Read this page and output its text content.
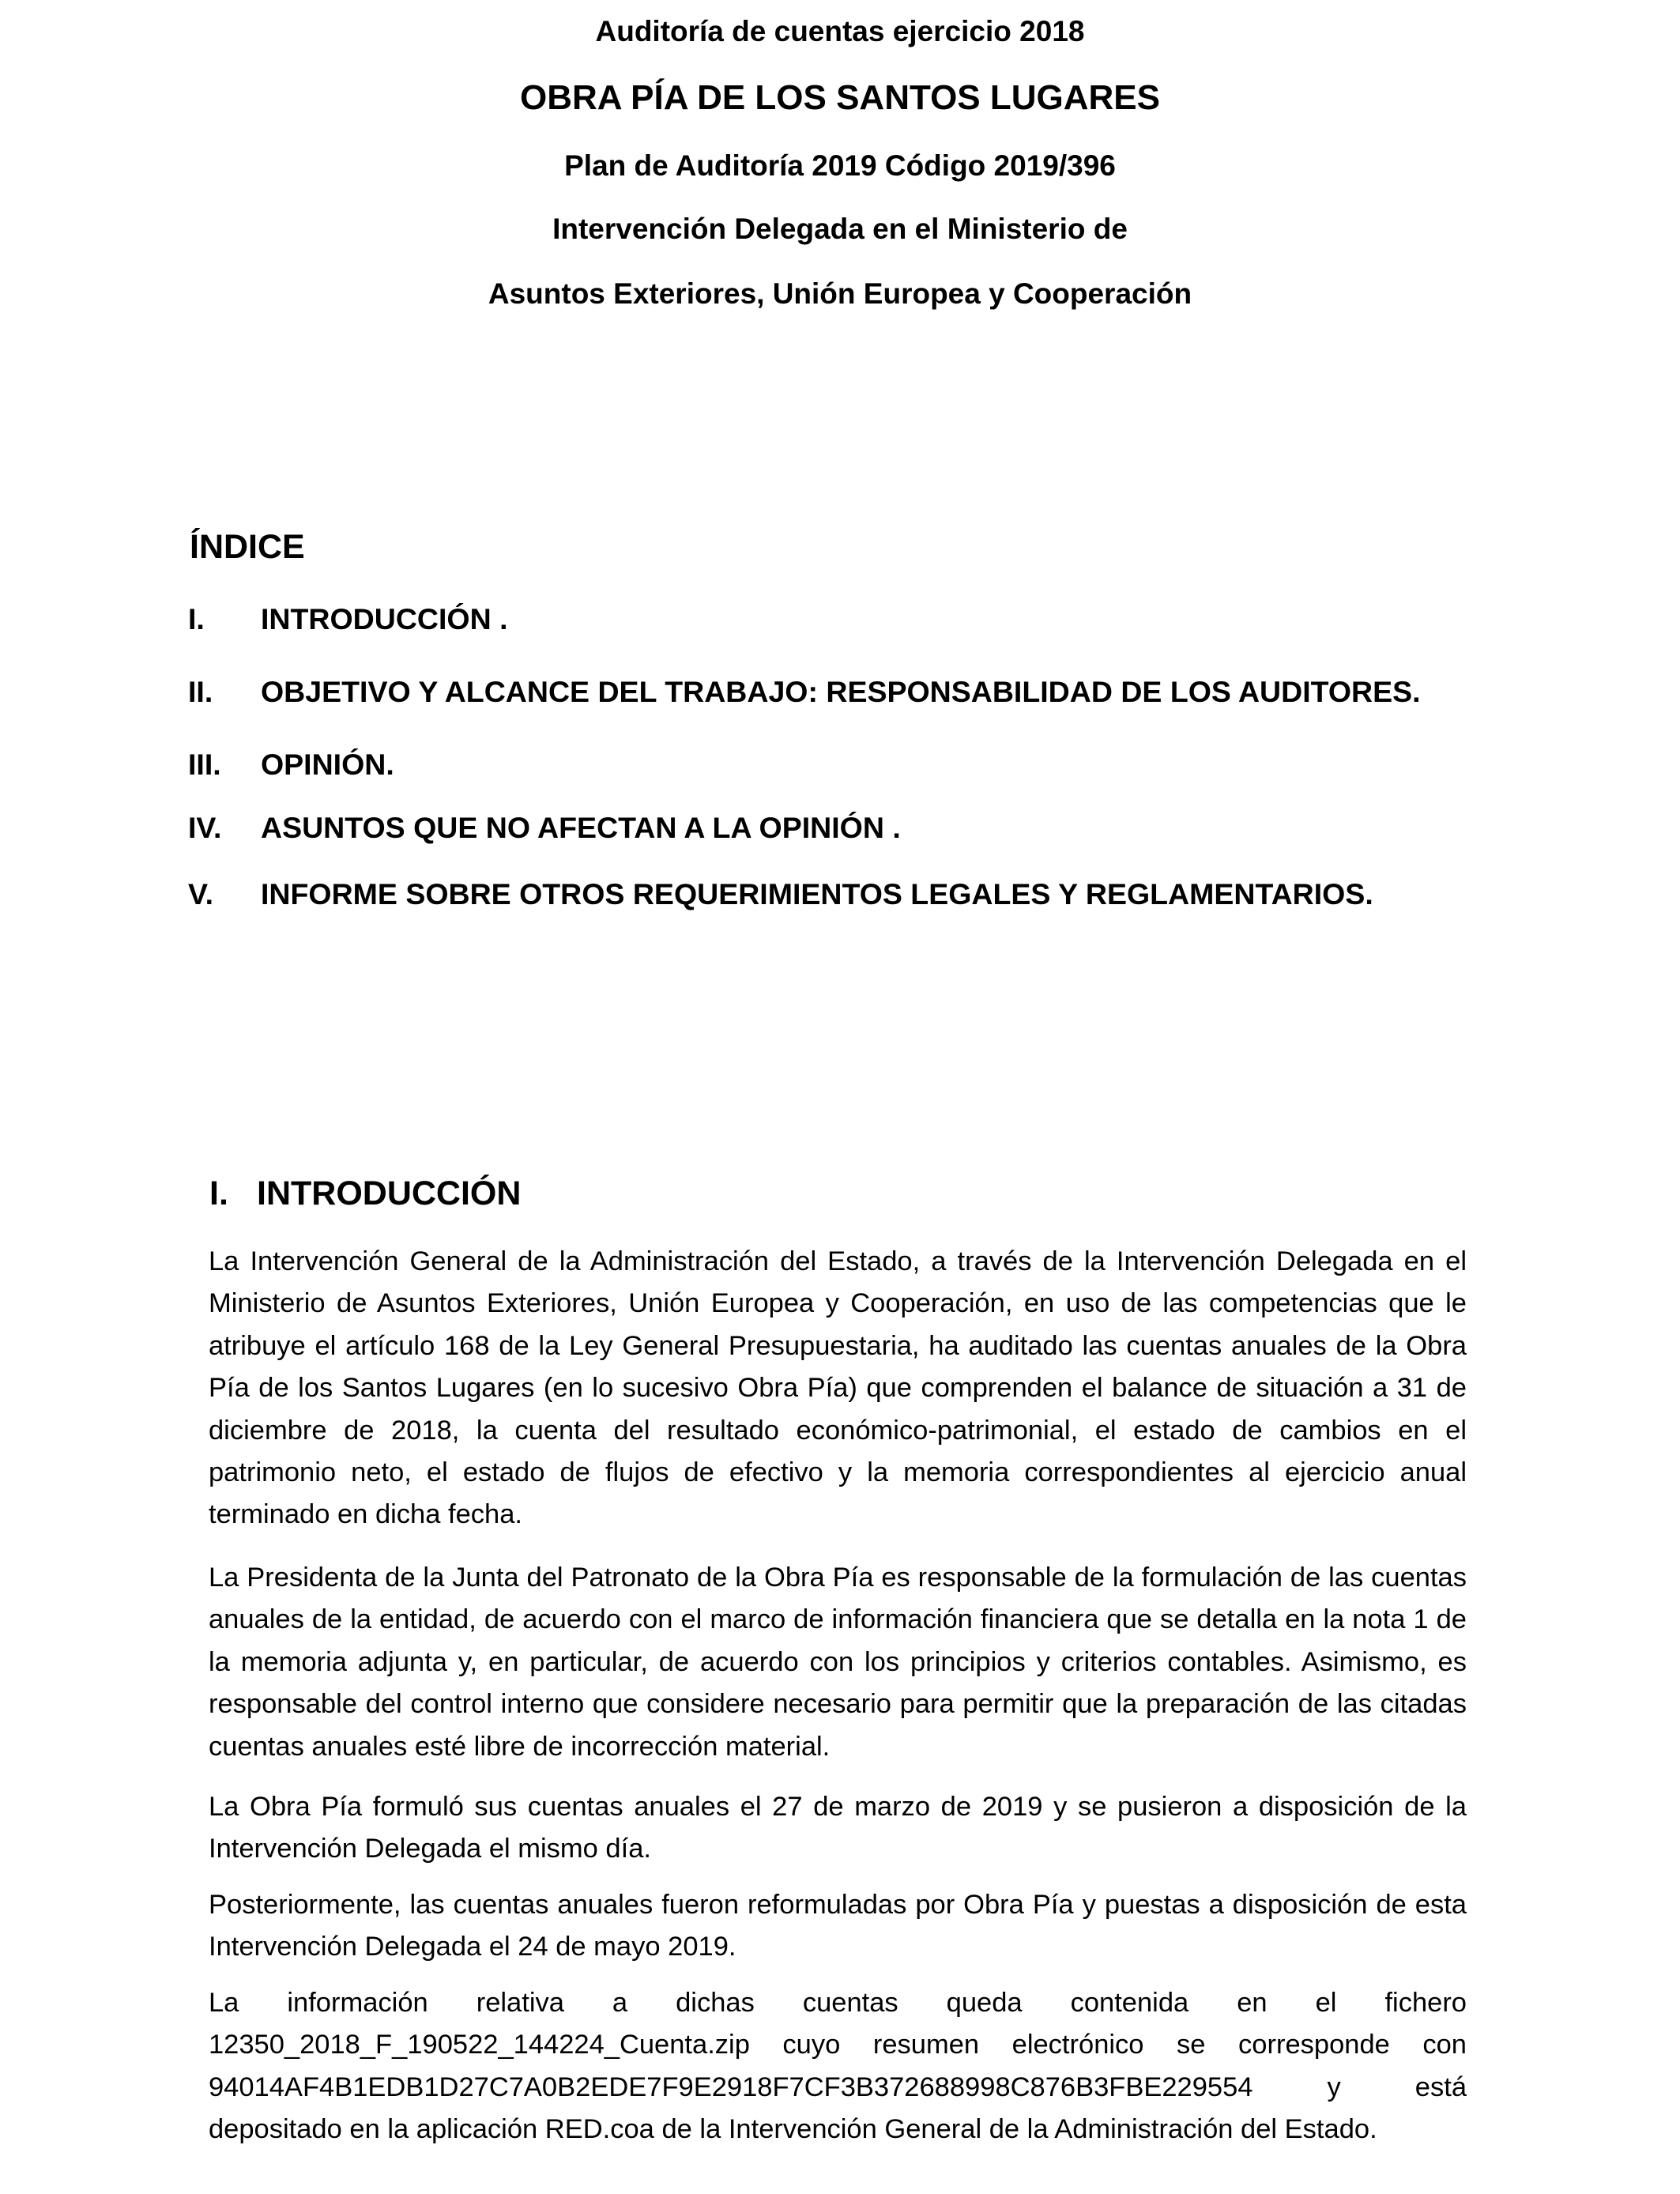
Auditoría de cuentas ejercicio 2018
OBRA PÍA DE LOS SANTOS LUGARES
Plan de Auditoría 2019 Código 2019/396
Intervención Delegada en el Ministerio de
Asuntos Exteriores, Unión Europea y Cooperación
ÍNDICE
I. INTRODUCCIÓN .
II. OBJETIVO Y ALCANCE DEL TRABAJO: RESPONSABILIDAD DE LOS AUDITORES.
III. OPINIÓN.
IV. ASUNTOS QUE NO AFECTAN A LA OPINIÓN .
V. INFORME SOBRE OTROS REQUERIMIENTOS LEGALES Y REGLAMENTARIOS.
I. INTRODUCCIÓN

La Intervención General de la Administración del Estado, a través de la Intervención Delegada en el Ministerio de Asuntos Exteriores, Unión Europea y Cooperación, en uso de las competencias que le atribuye el artículo 168 de la Ley General Presupuestaria, ha auditado las cuentas anuales de la Obra Pía de los Santos Lugares (en lo sucesivo Obra Pía) que comprenden el balance de situación a 31 de diciembre de 2018, la cuenta del resultado económico-patrimonial, el estado de cambios en el patrimonio neto, el estado de flujos de efectivo y la memoria correspondientes al ejercicio anual terminado en dicha fecha.

La Presidenta de la Junta del Patronato de la Obra Pía es responsable de la formulación de las cuentas anuales de la entidad, de acuerdo con el marco de información financiera que se detalla en la nota 1 de la memoria adjunta y, en particular, de acuerdo con los principios y criterios contables. Asimismo, es responsable del control interno que considere necesario para permitir que la preparación de las citadas cuentas anuales esté libre de incorrección material.

La Obra Pía formuló sus cuentas anuales el 27 de marzo de 2019 y se pusieron a disposición de la Intervención Delegada el mismo día.

Posteriormente, las cuentas anuales fueron reformuladas por Obra Pía y puestas a disposición de esta Intervención Delegada el 24 de mayo 2019.

La información relativa a dichas cuentas queda contenida en el fichero
12350_2018_F_190522_144224_Cuenta.zip cuyo resumen electrónico se corresponde con
94014AF4B1EDB1D27C7A0B2EDE7F9E2918F7CF3B372688998C876B3FBE229554 y está
depositado en la aplicación RED.coa de la Intervención General de la Administración del Estado.
